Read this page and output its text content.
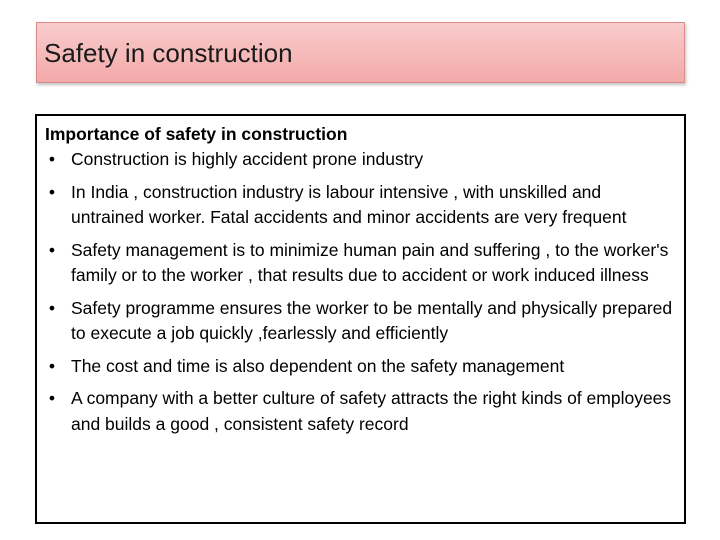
Safety in construction
Importance of safety in construction
• Construction is highly accident prone industry
• In India , construction industry is labour intensive , with unskilled and untrained worker. Fatal accidents and minor accidents are very frequent
• Safety management is to minimize human pain and suffering , to the worker's family or to the worker , that results due to accident or work induced illness
• Safety programme ensures the worker to be mentally and physically prepared to execute a job quickly ,fearlessly and efficiently
• The cost and time is also dependent on the safety management
• A company with a better culture of safety attracts the right kinds of employees and builds a good , consistent safety record
